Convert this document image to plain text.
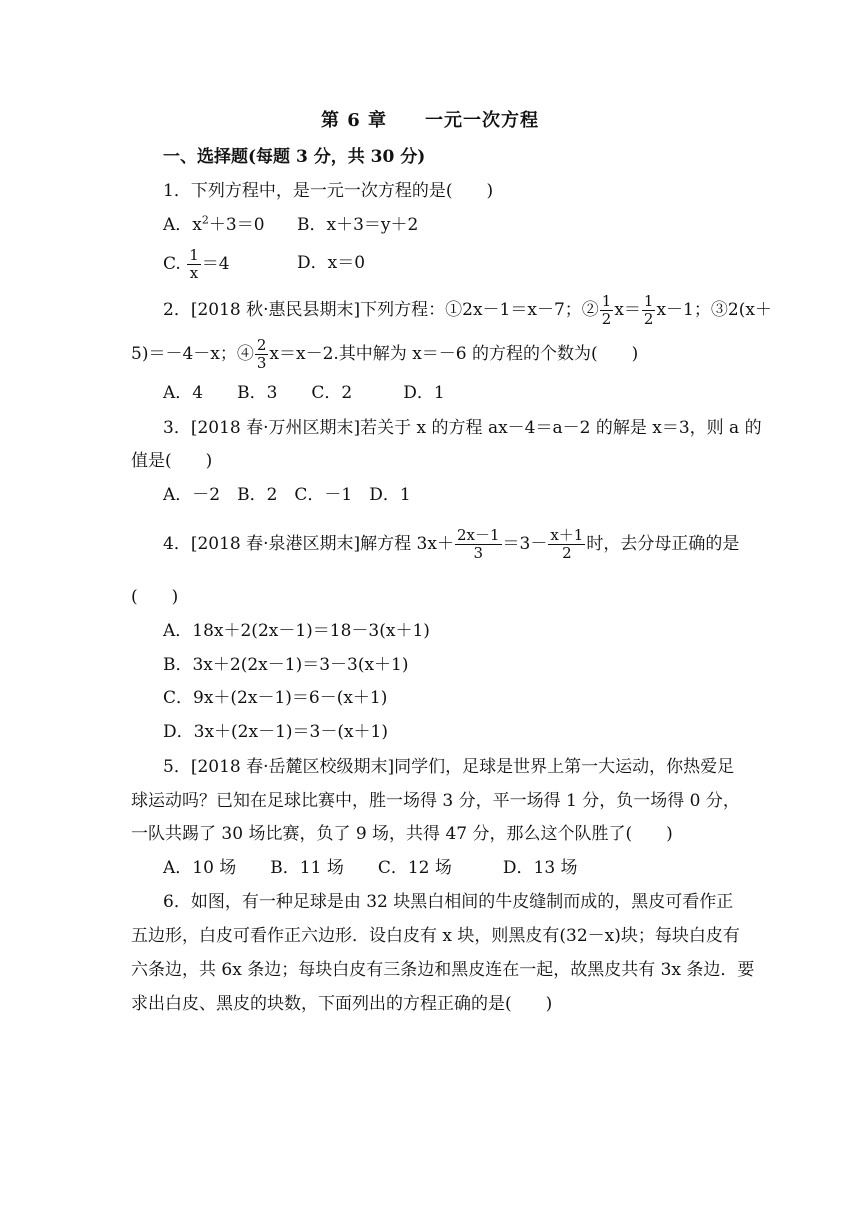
第 6 章　　一元一次方程
一、选择题(每题 3 分，共 30 分)
1．下列方程中，是一元一次方程的是(　　)
A．$x^2+3=0$ B．x＋3＝y＋2
C. $\frac{1}{x} =4$	D．x＝0
2．[2018 秋·惠民县期末]下列方程：①2x－1＝x－7；② $\frac{1}{2} x= \frac{1}{2} x-1$；③2(x＋
5)＝－4－x；④ $\frac{2}{3} x=x-2$.其中解为 x＝－6 的方程的个数为(　　)
A．4　　B．3　　C．2　　　D．1
3．[2018 春·万州区期末]若关于 x 的方程 ax－4＝a－2 的解是 x＝3，则 a 的
值是(　　)
A．－2　B．2　C．－1　D．1
4．[2018 春·泉港区期末]解方程 $3x+ \frac{2x-1}{3} =3- \frac{x+1}{2}$ 时，去分母正确的是
(　　)
A．18x＋2(2x－1)＝18－3(x＋1)
B．3x＋2(2x－1)＝3－3(x＋1)
C．9x＋(2x－1)＝6－(x＋1)
D．3x＋(2x－1)＝3－(x＋1)
5．[2018 春·岳麓区校级期末]同学们，足球是世界上第一大运动，你热爱足
球运动吗？已知在足球比赛中，胜一场得 3 分，平一场得 1 分，负一场得 0 分，
一队共踢了 30 场比赛，负了 9 场，共得 47 分，那么这个队胜了(　　)
A．10 场　　B．11 场　　C．12 场　　　D．13 场
6．如图，有一种足球是由 32 块黑白相间的牛皮缝制而成的，黑皮可看作正
五边形，白皮可看作正六边形．设白皮有 x 块，则黑皮有(32－x)块；每块白皮有
六条边，共 6x 条边；每块白皮有三条边和黑皮连在一起，故黑皮共有 3x 条边．要
求出白皮、黑皮的块数，下面列出的方程正确的是(　　)
